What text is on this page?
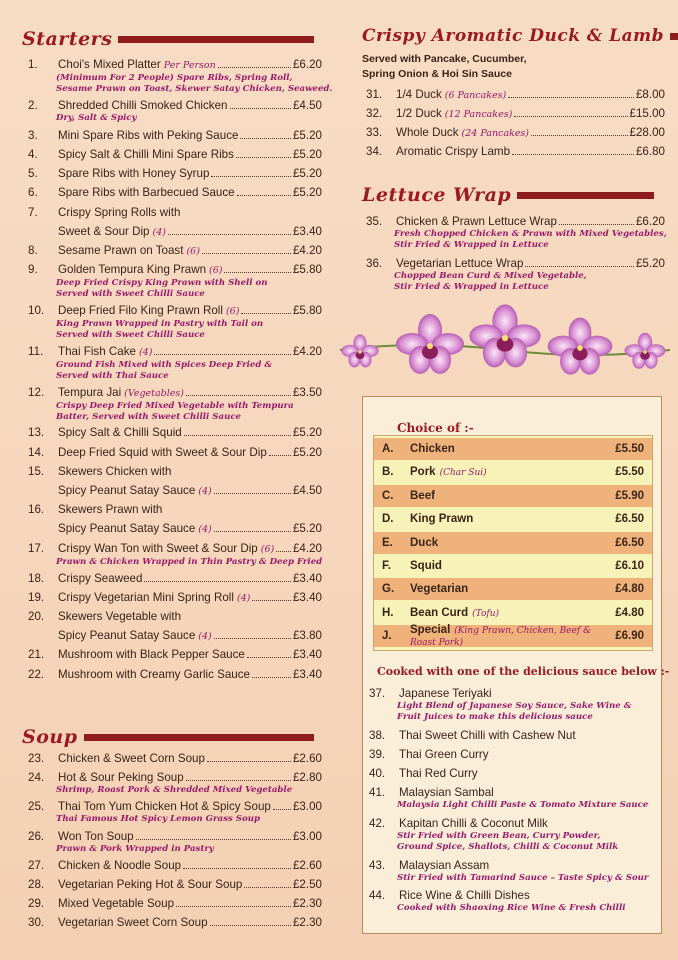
Starters
1.	Choi's Mixed Platter Per Person	£6.20
(Minimum For 2 People) Spare Ribs, Spring Roll,
Sesame Prawn on Toast, Skewer Satay Chicken, Seaweed.
2.	Shredded Chilli Smoked Chicken	£4.50
Dry, Salt & Spicy
3.	Mini Spare Ribs with Peking Sauce	£5.20
4.	Spicy Salt & Chilli Mini Spare Ribs	£5.20
5.	Spare Ribs with Honey Syrup	£5.20
6.	Spare Ribs with Barbecued Sauce	£5.20
7.	Crispy Spring Rolls with
Sweet & Sour Dip (4)	£3.40
8.	Sesame Prawn on Toast (6)	£4.20
9.	Golden Tempura King Prawn (6)	£5.80
Deep Fried Crispy King Prawn with Shell on
Served with Sweet Chilli Sauce
10.	Deep Fried Filo King Prawn Roll (6)	£5.80
King Prawn Wrapped in Pastry with Tail on
Served with Sweet Chilli Sauce
11.	Thai Fish Cake (4)	£4.20
Ground Fish Mixed with Spices Deep Fried &
Served with Thai Sauce
12.	Tempura Jai (Vegetables)	£3.50
Crispy Deep Fried Mixed Vegetable with Tempura
Batter, Served with Sweet Chilli Sauce
13.	Spicy Salt & Chilli Squid	£5.20
14.	Deep Fried Squid with Sweet & Sour Dip £5.20
15.	Skewers Chicken with
Spicy Peanut Satay Sauce (4)	£4.50
16.	Skewers Prawn with
Spicy Peanut Satay Sauce (4)	£5.20
17.	Crispy Wan Ton with Sweet & Sour Dip (6) £4.20
Prawn & Chicken Wrapped in Thin Pastry & Deep Fried
18.	Crispy Seaweed	£3.40
19.	Crispy Vegetarian Mini Spring Roll (4)	£3.40
20.	Skewers Vegetable with
Spicy Peanut Satay Sauce (4)	£3.80
21.	Mushroom with Black Pepper Sauce	£3.40
22.	Mushroom with Creamy Garlic Sauce	£3.40
Soup
23.	Chicken & Sweet Corn Soup	£2.60
24.	Hot & Sour Peking Soup	£2.80
Shrimp, Roast Pork & Shredded Mixed Vegetable
25.	Thai Tom Yum Chicken Hot & Spicy Soup £3.00
Thai Famous Hot Spicy Lemon Grass Soup
26.	Won Ton Soup	£3.00
Prawn & Pork Wrapped in Pastry
27.	Chicken & Noodle Soup	£2.60
28.	Vegetarian Peking Hot & Sour Soup	£2.50
29.	Mixed Vegetable Soup	£2.30
30.	Vegetarian Sweet Corn Soup	£2.30
Crispy Aromatic Duck & Lamb
Served with Pancake, Cucumber,
Spring Onion & Hoi Sin Sauce
31.	1/4 Duck (6 Pancakes)	£8.00
32.	1/2 Duck (12 Pancakes)	£15.00
33.	Whole Duck (24 Pancakes)	£28.00
34.	Aromatic Crispy Lamb	£6.80
Lettuce Wrap
35.	Chicken & Prawn Lettuce Wrap	£6.20
Fresh Chopped Chicken & Prawn with Mixed Vegetables,
Stir Fried & Wrapped in Lettuce
36.	Vegetarian Lettuce Wrap	£5.20
Chopped Bean Curd & Mixed Vegetable,
Stir Fried & Wrapped in Lettuce
Choice of :-
A.	Chicken	£5.50
B.	Pork (Char Sui)	£5.50
C.	Beef	£5.90
D.	King Prawn	£6.50
E.	Duck	£6.50
F.	Squid	£6.10
G.	Vegetarian	£4.80
H.	Bean Curd (Tofu)	£4.80
J.	Special (King Prawn, Chicken, Beef & Roast Pork)
£6.90
Cooked with one of the delicious sauce below :-
37.	Japanese Teriyaki
Light Blend of Japanese Soy Sauce, Sake Wine &
Fruit Juices to make this delicious sauce
38.	Thai Sweet Chilli with Cashew Nut
39.	Thai Green Curry
40.	Thai Red Curry
41.	Malaysian Sambal
Malaysia Light Chilli Paste & Tomato Mixture Sauce
42.	Kapitan Chilli & Coconut Milk
Stir Fried with Green Bean, Curry Powder,
Ground Spice, Shallots, Chilli & Coconut Milk
43.	Malaysian Assam
Stir Fried with Tamarind Sauce – Taste Spicy & Sour
44.	Rice Wine & Chilli Dishes
Cooked with Shaoxing Rice Wine & Fresh Chilli
